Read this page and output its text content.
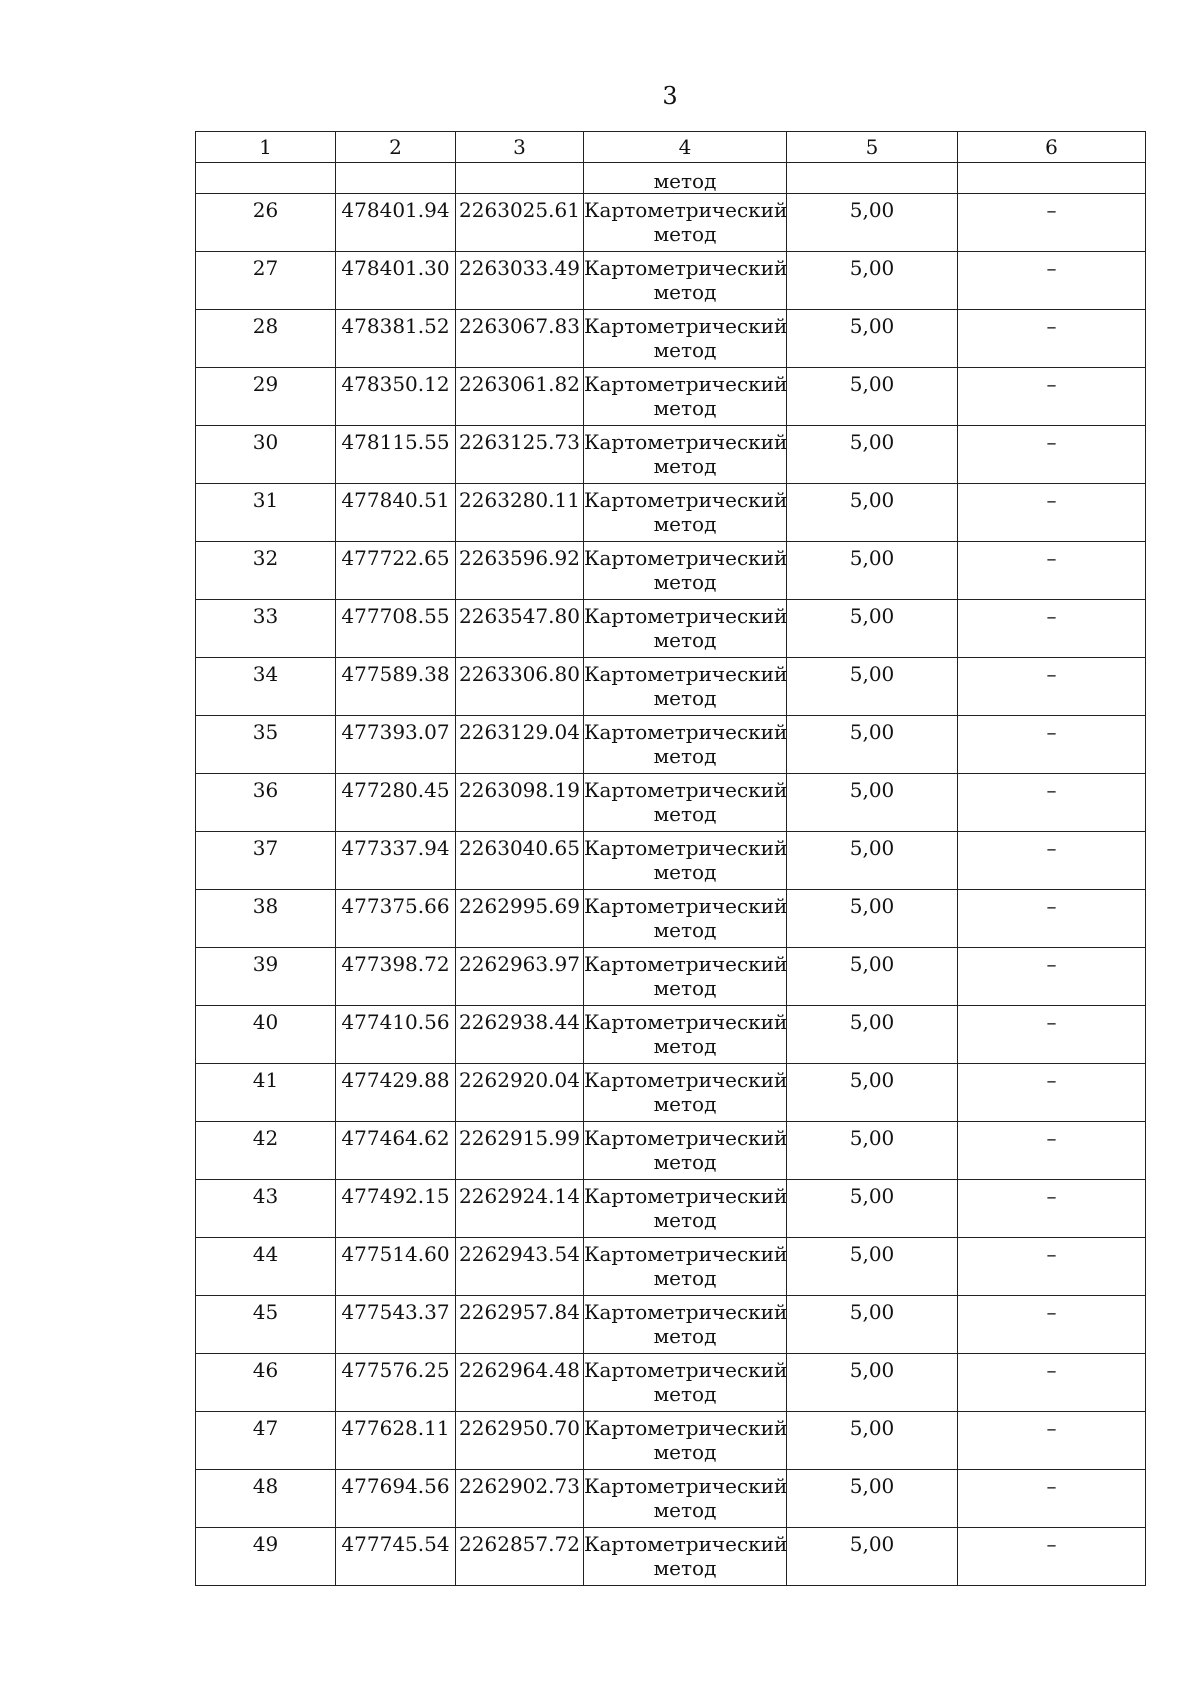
3
1	2	3	4	5	6

			метод		

26	478401.94	2263025.61	Картометрический
метод	5,00	–

27	478401.30	2263033.49	Картометрический
метод	5,00	–

28	478381.52	2263067.83	Картометрический
метод	5,00	–

29	478350.12	2263061.82	Картометрический
метод	5,00	–

30	478115.55	2263125.73	Картометрический
метод	5,00	–

31	477840.51	2263280.11	Картометрический
метод	5,00	–

32	477722.65	2263596.92	Картометрический
метод	5,00	–

33	477708.55	2263547.80	Картометрический
метод	5,00	–

34	477589.38	2263306.80	Картометрический
метод	5,00	–

35	477393.07	2263129.04	Картометрический
метод	5,00	–

36	477280.45	2263098.19	Картометрический
метод	5,00	–

37	477337.94	2263040.65	Картометрический
метод	5,00	–

38	477375.66	2262995.69	Картометрический
метод	5,00	–

39	477398.72	2262963.97	Картометрический
метод	5,00	–

40	477410.56	2262938.44	Картометрический
метод	5,00	–

41	477429.88	2262920.04	Картометрический
метод	5,00	–

42	477464.62	2262915.99	Картометрический
метод	5,00	–

43	477492.15	2262924.14	Картометрический
метод	5,00	–

44	477514.60	2262943.54	Картометрический
метод	5,00	–

45	477543.37	2262957.84	Картометрический
метод	5,00	–

46	477576.25	2262964.48	Картометрический
метод	5,00	–

47	477628.11	2262950.70	Картометрический
метод	5,00	–

48	477694.56	2262902.73	Картометрический
метод	5,00	–

49	477745.54	2262857.72	Картометрический
метод	5,00	–
